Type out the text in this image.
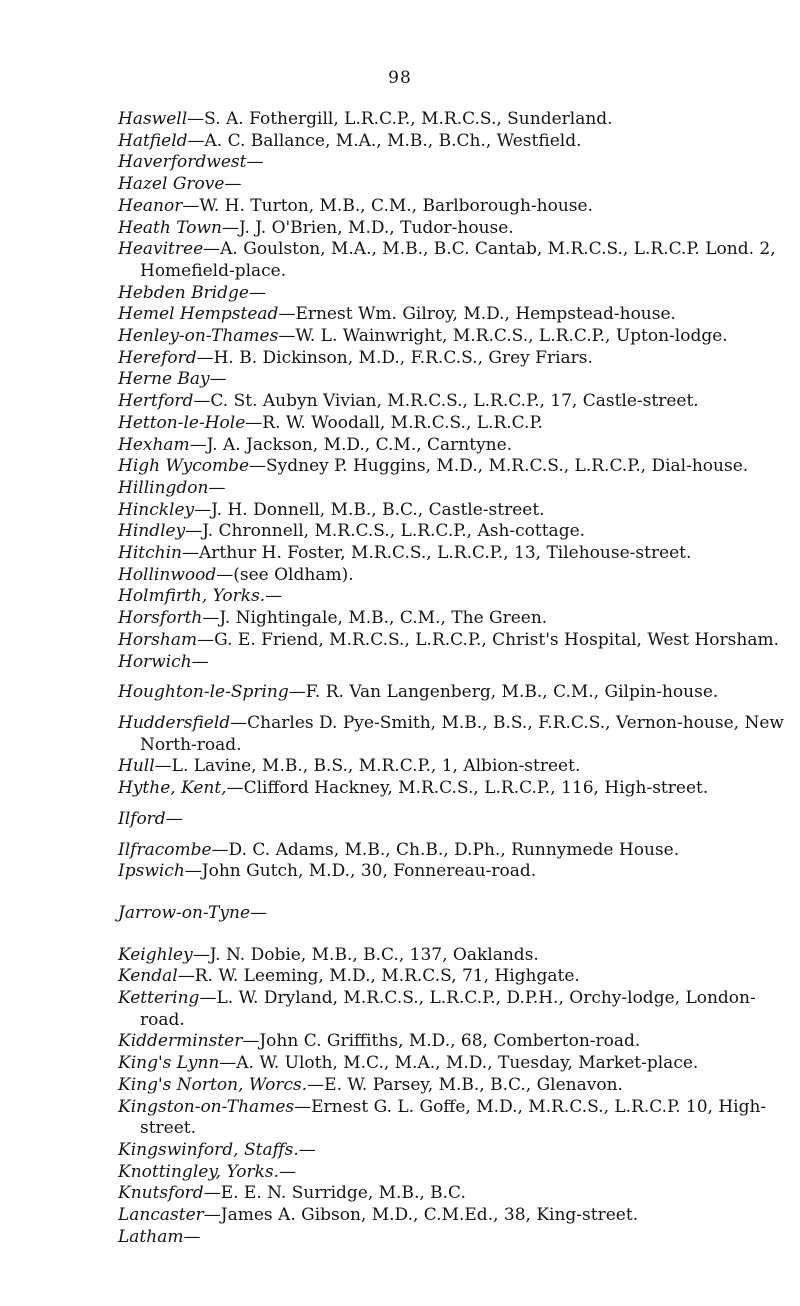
98

Haswell—S. A. Fothergill, L.R.C.P., M.R.C.S., Sunderland.

Hatfield—A. C. Ballance, M.A., M.B., B.Ch., Westfield.

Haverfordwest—

Hazel Grove—

Heanor—W. H. Turton, M.B., C.M., Barlborough-house.

Heath Town—J. J. O'Brien, M.D., Tudor-house.

Heavitree—A. Goulston, M.A., M.B., B.C. Cantab, M.R.C.S., L.R.C.P. Lond. 2, Homefield-place.

Hebden Bridge—

Hemel Hempstead—Ernest Wm. Gilroy, M.D., Hempstead-house.

Henley-on-Thames—W. L. Wainwright, M.R.C.S., L.R.C.P., Upton-lodge.

Hereford—H. B. Dickinson, M.D., F.R.C.S., Grey Friars.

Herne Bay—

Hertford—C. St. Aubyn Vivian, M.R.C.S., L.R.C.P., 17, Castle-street.

Hetton-le-Hole—R. W. Woodall, M.R.C.S., L.R.C.P.

Hexham—J. A. Jackson, M.D., C.M., Carntyne.

High Wycombe—Sydney P. Huggins, M.D., M.R.C.S., L.R.C.P., Dial-house.

Hillingdon—

Hinckley—J. H. Donnell, M.B., B.C., Castle-street.

Hindley—J. Chronnell, M.R.C.S., L.R.C.P., Ash-cottage.

Hitchin—Arthur H. Foster, M.R.C.S., L.R.C.P., 13, Tilehouse-street.

Hollinwood—(see Oldham).

Holmfirth, Yorks.—

Horsforth—J. Nightingale, M.B., C.M., The Green.

Horsham—G. E. Friend, M.R.C.S., L.R.C.P., Christ's Hospital, West Horsham.

Horwich—

Houghton-le-Spring—F. R. Van Langenberg, M.B., C.M., Gilpin-house.

Huddersfield—Charles D. Pye-Smith, M.B., B.S., F.R.C.S., Vernon-house, New North-road.

Hull—L. Lavine, M.B., B.S., M.R.C.P., 1, Albion-street.

Hythe, Kent,—Clifford Hackney, M.R.C.S., L.R.C.P., 116, High-street.

Ilford—

Ilfracombe—D. C. Adams, M.B., Ch.B., D.Ph., Runnymede House.

Ipswich—John Gutch, M.D., 30, Fonnereau-road.

Jarrow-on-Tyne—

Keighley—J. N. Dobie, M.B., B.C., 137, Oaklands.

Kendal—R. W. Leeming, M.D., M.R.C.S, 71, Highgate.

Kettering—L. W. Dryland, M.R.C.S., L.R.C.P., D.P.H., Orchy-lodge, London-road.

Kidderminster—John C. Griffiths, M.D., 68, Comberton-road.

King's Lynn—A. W. Uloth, M.C., M.A., M.D., Tuesday, Market-place.

King's Norton, Worcs.—E. W. Parsey, M.B., B.C., Glenavon.

Kingston-on-Thames—Ernest G. L. Goffe, M.D., M.R.C.S., L.R.C.P. 10, High-street.

Kingswinford, Staffs.—

Knottingley, Yorks.—

Knutsford—E. E. N. Surridge, M.B., B.C.

Lancaster—James A. Gibson, M.D., C.M.Ed., 38, King-street.

Latham—
